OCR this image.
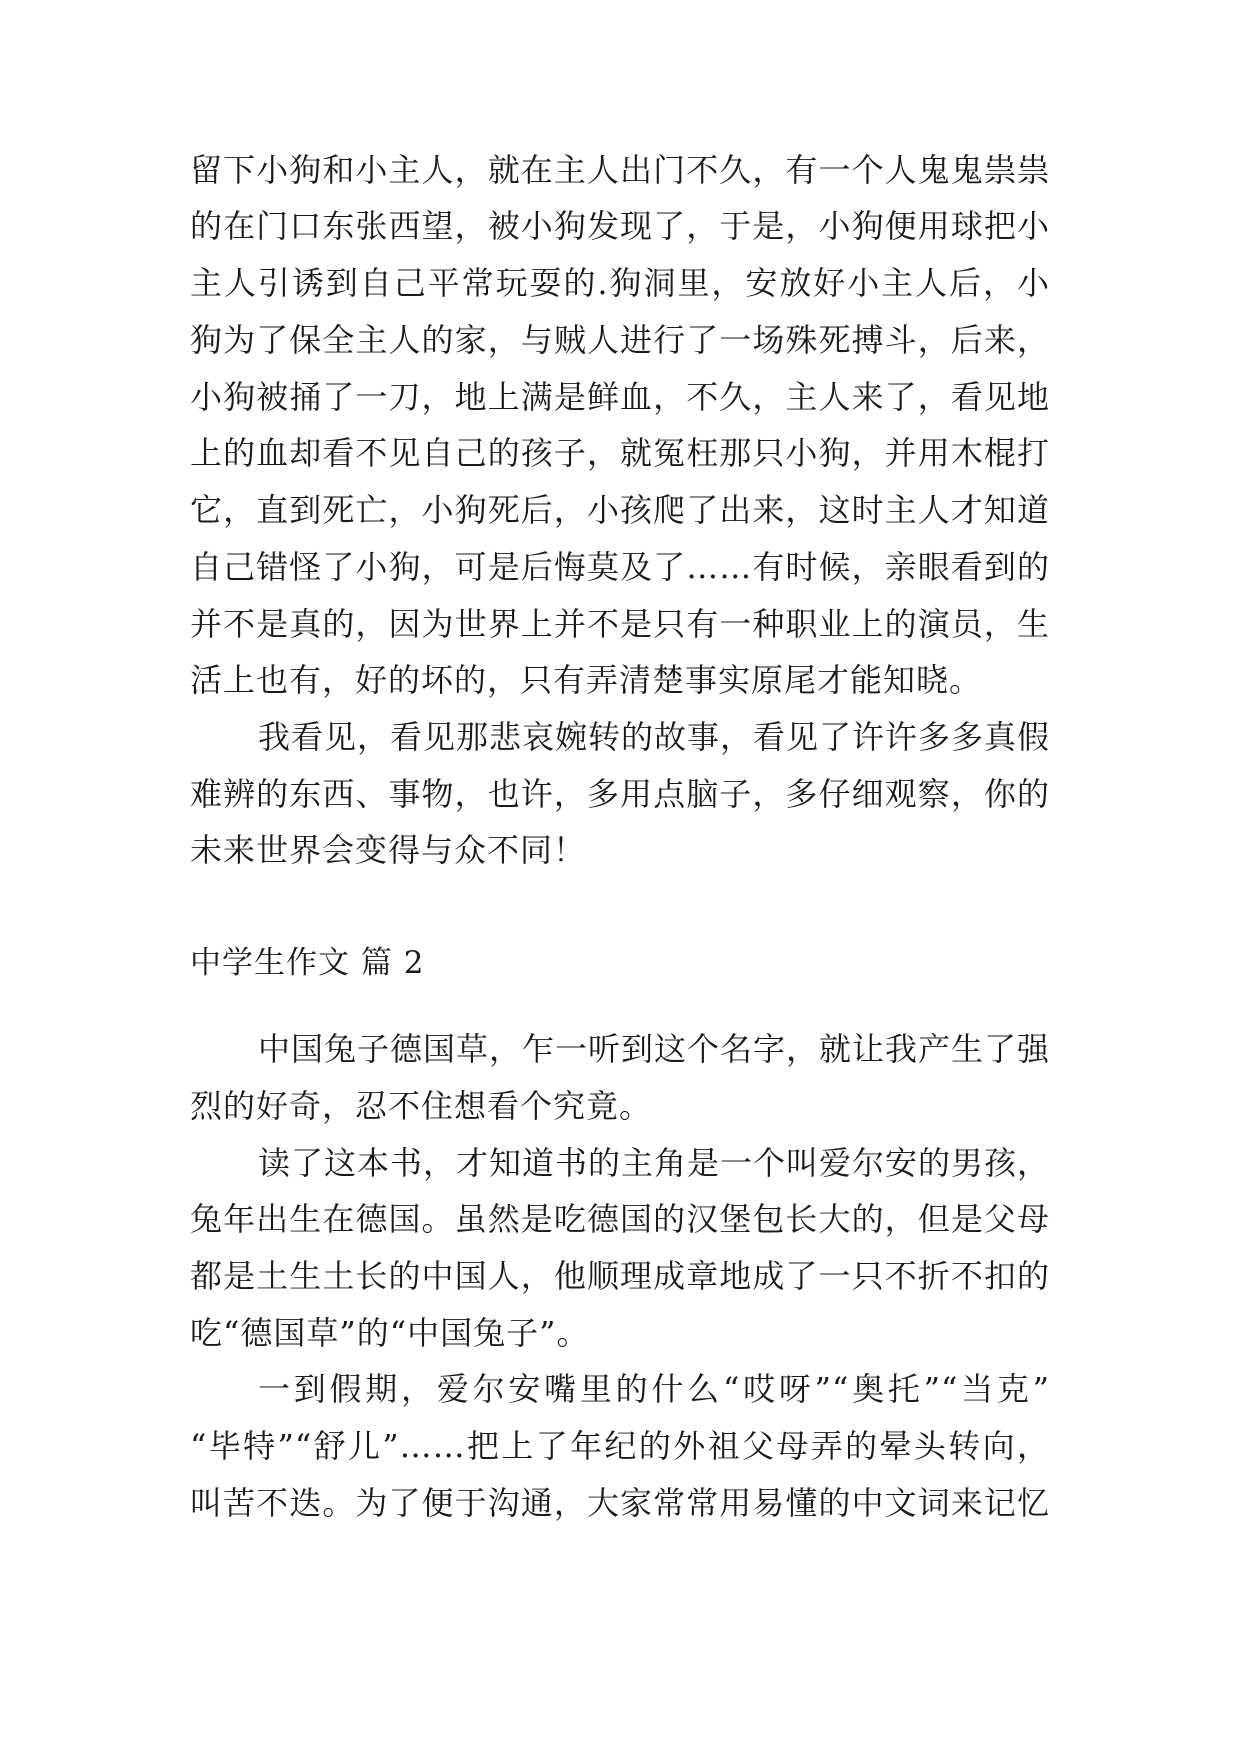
留下小狗和小主人，就在主人出门不久，有一个人鬼鬼祟祟
的在门口东张西望，被小狗发现了，于是，小狗便用球把小
主人引诱到自己平常玩耍的.狗洞里，安放好小主人后，小
狗为了保全主人的家，与贼人进行了一场殊死搏斗，后来，
小狗被捅了一刀，地上满是鲜血，不久，主人来了，看见地
上的血却看不见自己的孩子，就冤枉那只小狗，并用木棍打
它，直到死亡，小狗死后，小孩爬了出来，这时主人才知道
自己错怪了小狗，可是后悔莫及了……有时候，亲眼看到的
并不是真的，因为世界上并不是只有一种职业上的演员，生
活上也有，好的坏的，只有弄清楚事实原尾才能知晓。
我看见，看见那悲哀婉转的故事，看见了许许多多真假
难辨的东西、事物，也许，多用点脑子，多仔细观察，你的
未来世界会变得与众不同！
中学生作文 篇 2
中国兔子德国草，乍一听到这个名字，就让我产生了强
烈的好奇，忍不住想看个究竟。
读了这本书，才知道书的主角是一个叫爱尔安的男孩，
兔年出生在德国。虽然是吃德国的汉堡包长大的，但是父母
都是土生土长的中国人，他顺理成章地成了一只不折不扣的
吃“德国草”的“中国兔子”。
一到假期，爱尔安嘴里的什么“哎呀”“奥托”“当克”
“毕特”“舒儿”……把上了年纪的外祖父母弄的晕头转向，
叫苦不迭。为了便于沟通，大家常常用易懂的中文词来记忆
